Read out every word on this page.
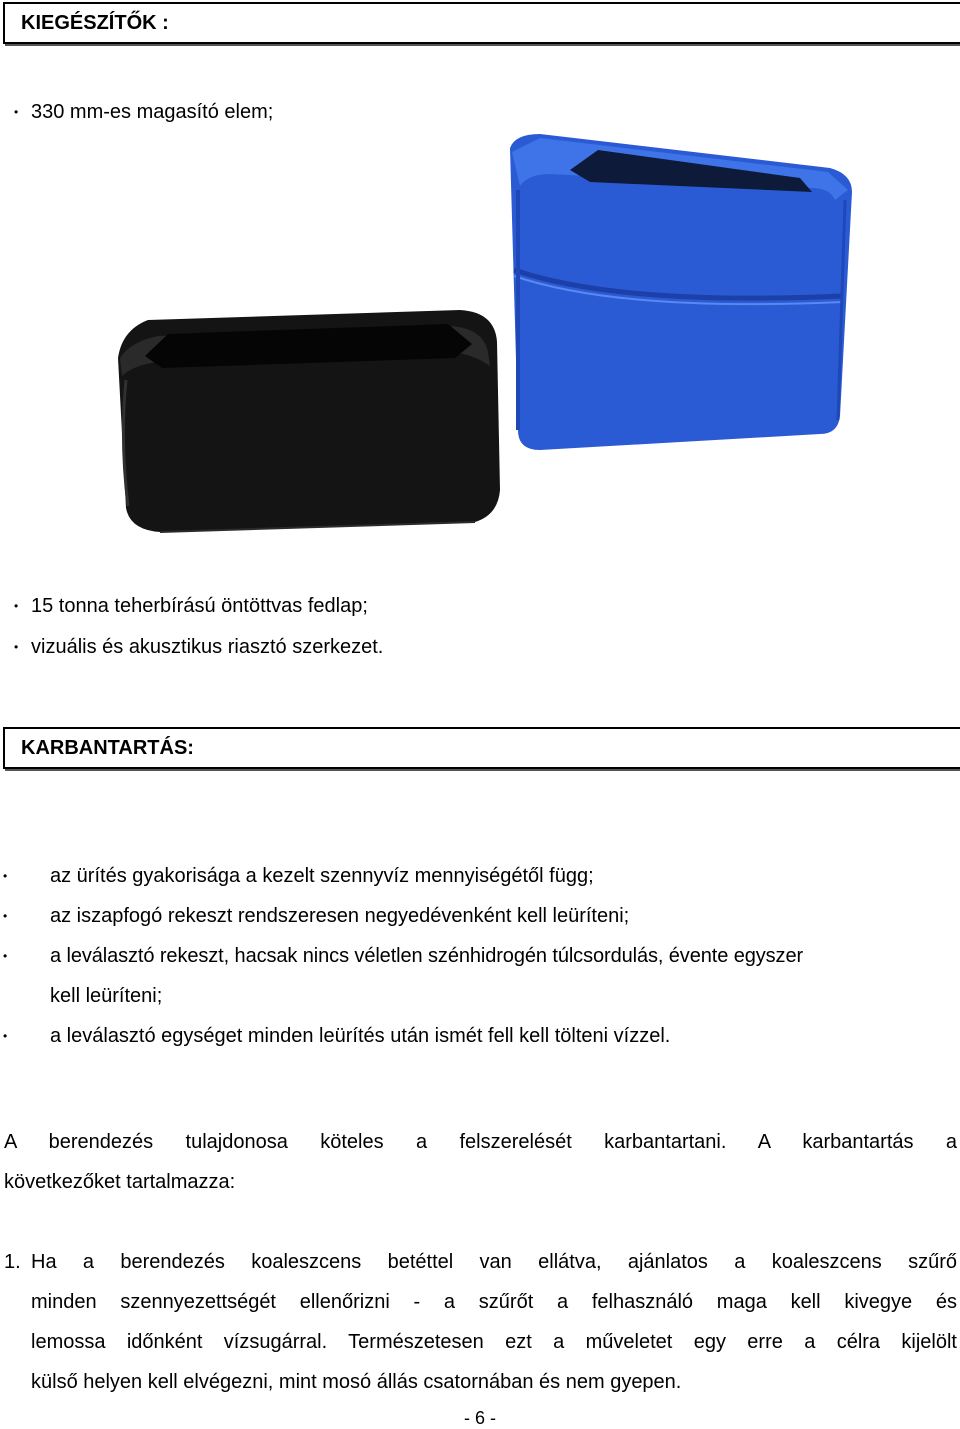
KIEGÉSZÍTŐK :
• 330 mm-es magasító elem;
• 15 tonna teherbírású öntöttvas fedlap;
• vizuális és akusztikus riasztó szerkezet.
KARBANTARTÁS:
• az ürítés gyakorisága a kezelt szennyvíz mennyiségétől függ;
• az iszapfogó rekeszt rendszeresen negyedévenként kell leüríteni;
• a leválasztó rekeszt, hacsak nincs véletlen szénhidrogén túlcsordulás, évente egyszer
kell leüríteni;
• a leválasztó egységet minden leürítés után ismét fell kell tölteni vízzel.
A berendezés tulajdonosa köteles a felszerelését karbantartani. A karbantartás a
következőket tartalmazza:
1. Ha a berendezés koaleszcens betéttel van ellátva, ajánlatos a koaleszcens szűrő
minden szennyezettségét ellenőrizni - a szűrőt a felhasználó maga kell kivegye és
lemossa időnként vízsugárral. Természetesen ezt a műveletet egy erre a célra kijelölt
külső helyen kell elvégezni, mint mosó állás csatornában és nem gyepen.
- 6 -
